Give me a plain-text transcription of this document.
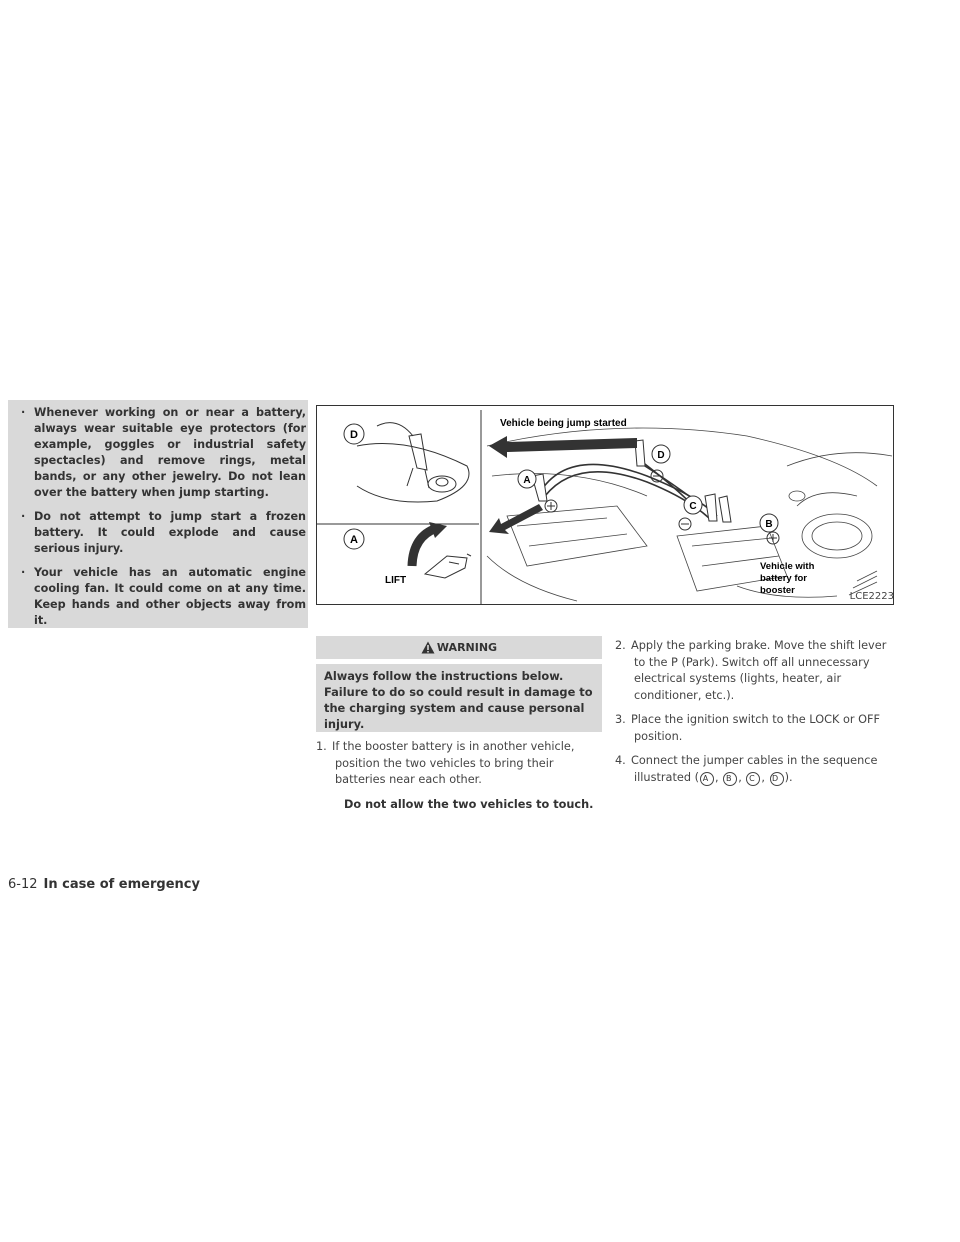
· Whenever working on or near a battery, always wear suitable eye protectors (for example, goggles or industrial safety spectacles) and remove rings, metal bands, or any other jewelry. Do not lean over the battery when jump starting.
· Do not attempt to jump start a frozen battery. It could explode and cause serious injury.
· Your vehicle has an automatic engine cooling fan. It could come on at any time. Keep hands and other objects away from it.
D
A
LIFT
Vehicle being jump started
A
D
C
B
Vehicle with
battery for
booster
LCE2223
WARNING
Always follow the instructions below. Failure to do so could result in damage to the charging system and cause personal injury.
1. If the booster battery is in another vehicle, position the two vehicles to bring their batteries near each other.
Do not allow the two vehicles to touch.
2. Apply the parking brake. Move the shift lever to the P (Park). Switch off all unnecessary electrical systems (lights, heater, air conditioner, etc.).
3. Place the ignition switch to the LOCK or OFF position.
4. Connect the jumper cables in the sequence illustrated ( A , B , C , D ).
6-12 In case of emergency
